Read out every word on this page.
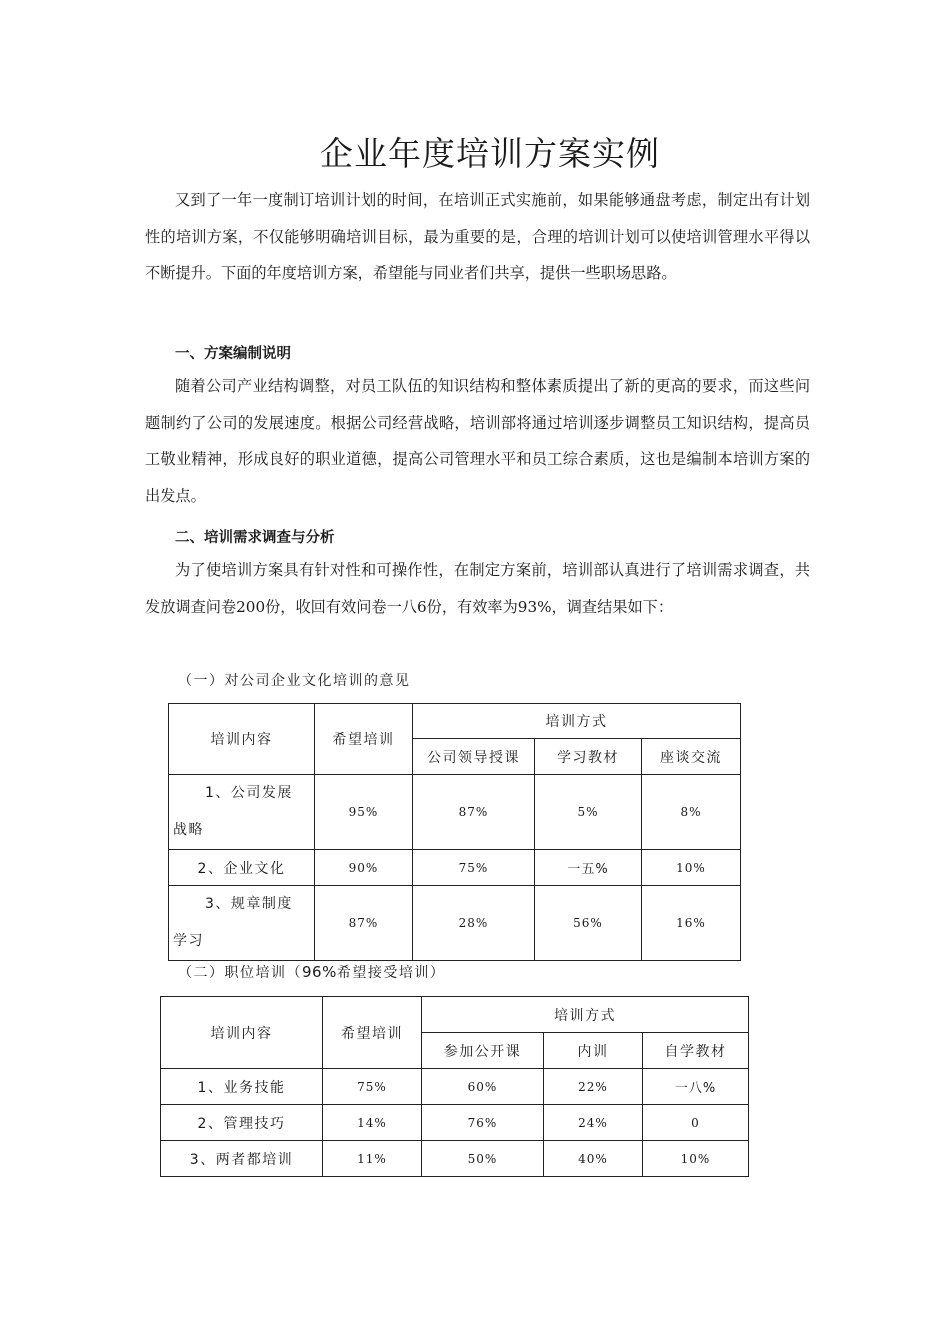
企业年度培训方案实例
又到了一年一度制订培训计划的时间，在培训正式实施前，如果能够通盘考虑，制定出有计划性的培训方案，不仅能够明确培训目标，最为重要的是，合理的培训计划可以使培训管理水平得以不断提升。下面的年度培训方案，希望能与同业者们共享，提供一些职场思路。
一、方案编制说明
随着公司产业结构调整，对员工队伍的知识结构和整体素质提出了新的更高的要求，而这些问题制约了公司的发展速度。根据公司经营战略，培训部将通过培训逐步调整员工知识结构，提高员工敬业精神，形成良好的职业道德，提高公司管理水平和员工综合素质，这也是编制本培训方案的出发点。
二、培训需求调查与分析
为了使培训方案具有针对性和可操作性，在制定方案前，培训部认真进行了培训需求调查，共发放调查问卷200份，收回有效问卷一八6份，有效率为93%，调查结果如下：
（一）对公司企业文化培训的意见
培训内容	希望培训	培训方式		
		公司领导授课	学习教材	座谈交流

1、公司发展
战略	95%	87%	5%	8%
2、企业文化	90%	75%	一五%	10%

3、规章制度
学习	87%	28%	56%	16%
（二）职位培训（96%希望接受培训）
培训内容	希望培训	培训方式		
		参加公开课	内训	自学教材
1、业务技能	75%	60%	22%	一八%
2、管理技巧	14%	76%	24%	0
3、两者都培训	11%	50%	40%	10%
